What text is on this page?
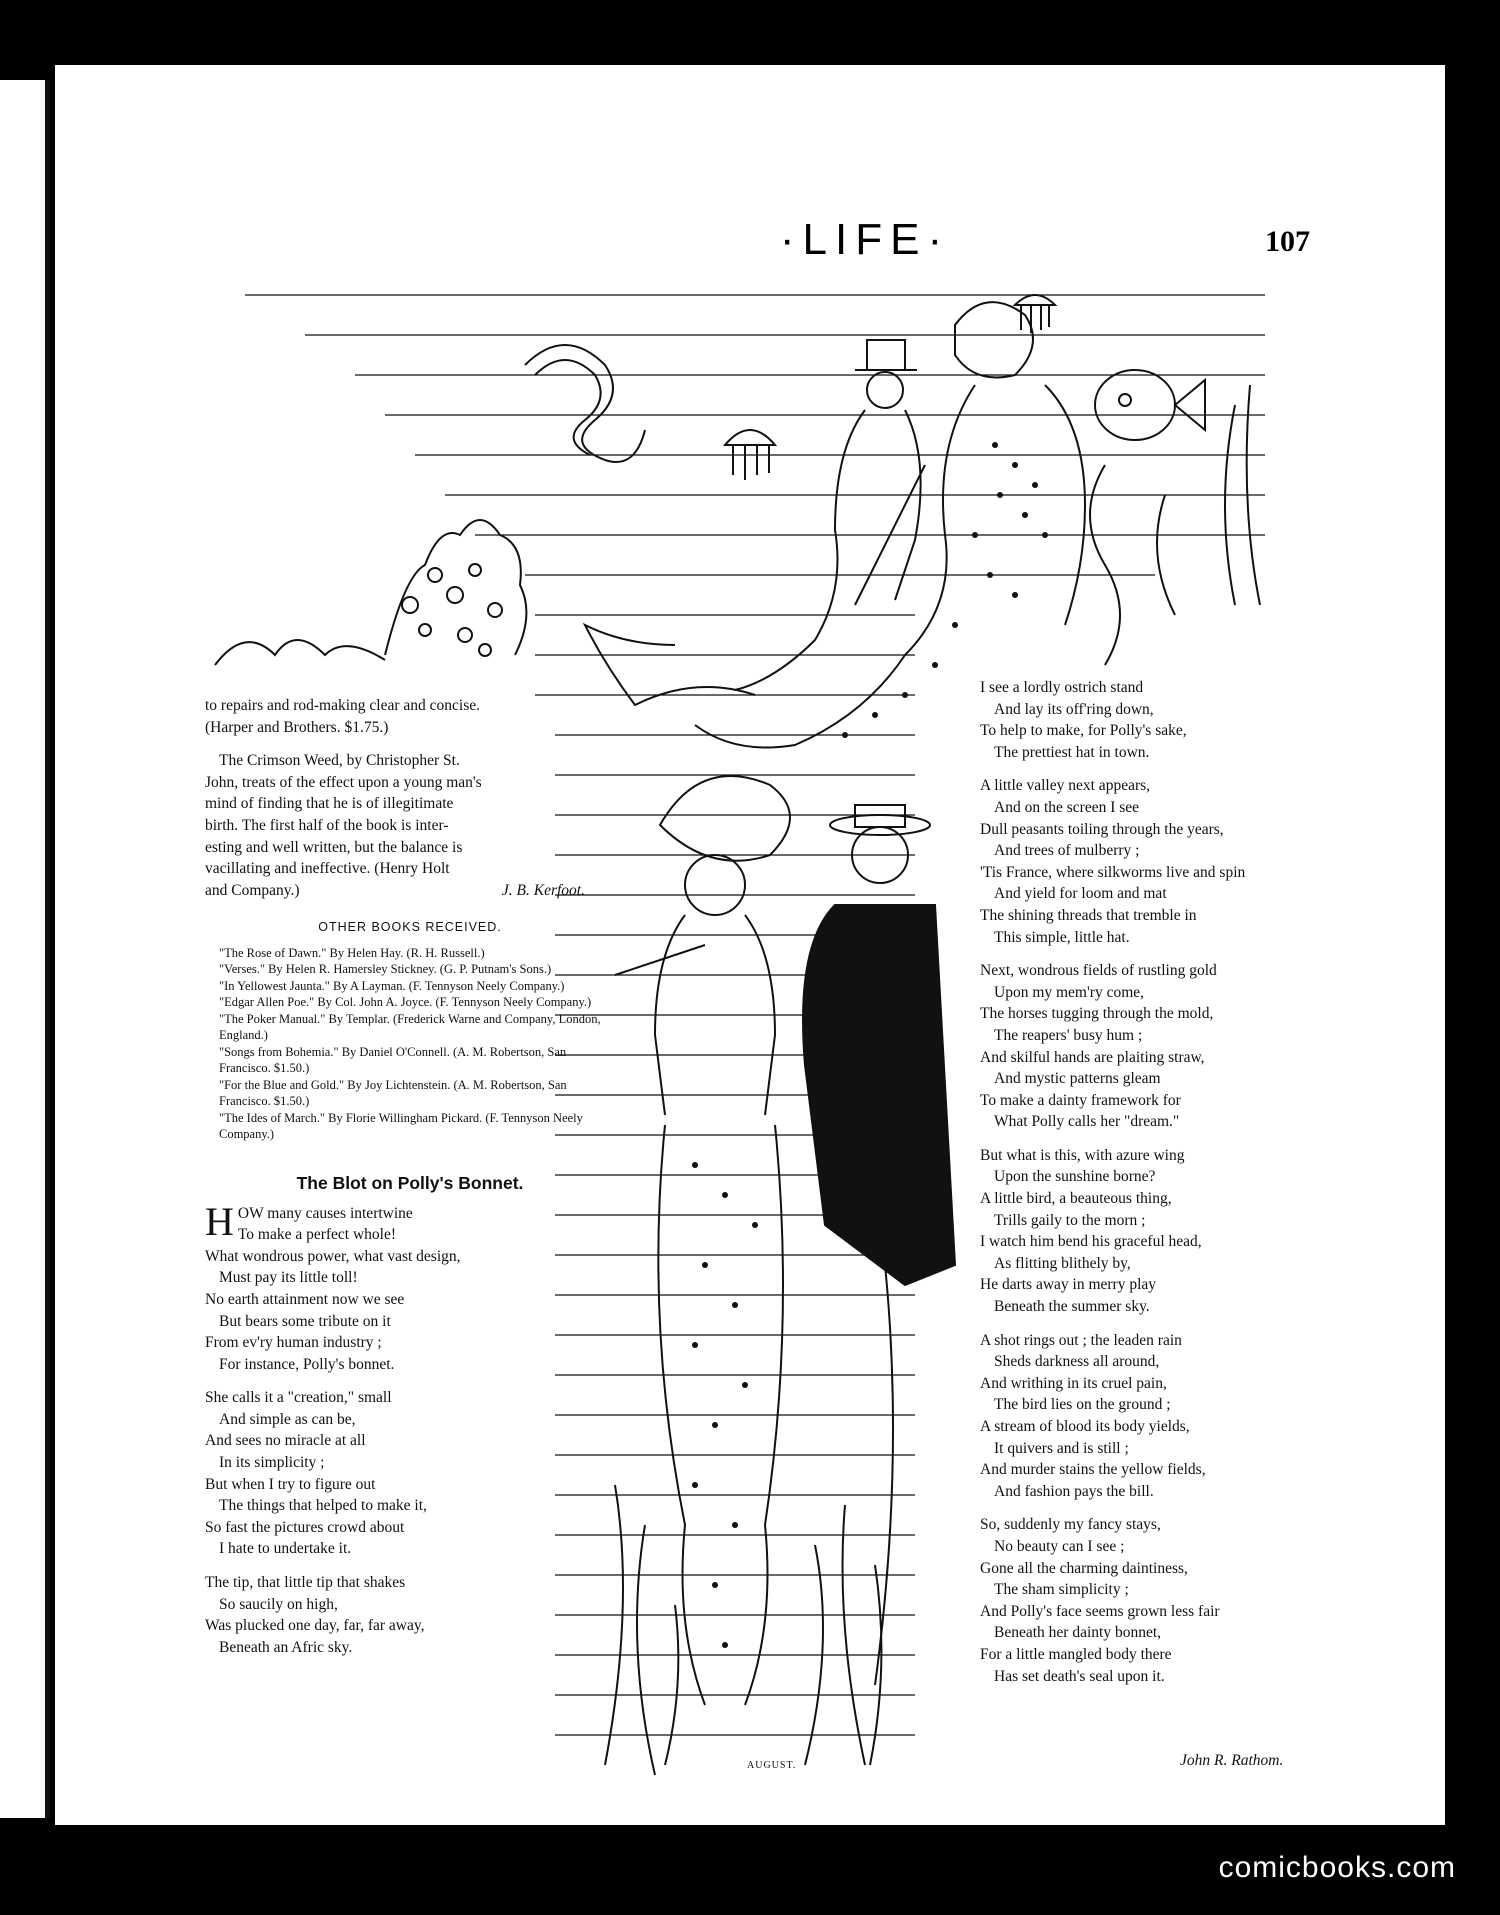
·LIFE·	107

to repairs and rod-making clear and concise.

(Harper and Brothers. $1.75.)

The Crimson Weed, by Christopher St.

John, treats of the effect upon a young man's

mind of finding that he is of illegitimate

birth. The first half of the book is inter-

esting and well written, but the balance is

vacillating and ineffective. (Henry Holt

and Company.)	J. B. Kerfoot.

OTHER BOOKS RECEIVED.

"The Rose of Dawn." By Helen Hay. (R. H. Russell.)

"Verses." By Helen R. Hamersley Stickney. (G. P. Putnam's Sons.)

"In Yellowest Jaunta." By A Layman. (F. Tennyson Neely Company.)

"Edgar Allen Poe." By Col. John A. Joyce. (F. Tennyson Neely Company.)

"The Poker Manual." By Templar. (Frederick Warne and Company, London, England.)

"Songs from Bohemia." By Daniel O'Connell. (A. M. Robertson, San Francisco. $1.50.)

"For the Blue and Gold." By Joy Lichtenstein. (A. M. Robertson, San Francisco. $1.50.)

"The Ides of March." By Florie Willingham Pickard. (F. Tennyson Neely Company.)

The Blot on Polly's Bonnet.
H OW many causes intertwine

To make a perfect whole!

What wondrous power, what vast design,

Must pay its little toll!

No earth attainment now we see

But bears some tribute on it

From ev'ry human industry ;

For instance, Polly's bonnet.

She calls it a "creation," small

And simple as can be,

And sees no miracle at all

In its simplicity ;

But when I try to figure out

The things that helped to make it,

So fast the pictures crowd about

I hate to undertake it.

The tip, that little tip that shakes

So saucily on high,

Was plucked one day, far, far away,

Beneath an Afric sky.

I see a lordly ostrich stand

And lay its off'ring down,

To help to make, for Polly's sake,

The prettiest hat in town.

A little valley next appears,

And on the screen I see

Dull peasants toiling through the years,

And trees of mulberry ;

'Tis France, where silkworms live and spin

And yield for loom and mat

The shining threads that tremble in

This simple, little hat.

Next, wondrous fields of rustling gold

Upon my mem'ry come,

The horses tugging through the mold,

The reapers' busy hum ;

And skilful hands are plaiting straw,

And mystic patterns gleam

To make a dainty framework for

What Polly calls her "dream."

But what is this, with azure wing

Upon the sunshine borne?

A little bird, a beauteous thing,

Trills gaily to the morn ;

I watch him bend his graceful head,

As flitting blithely by,

He darts away in merry play

Beneath the summer sky.

A shot rings out ; the leaden rain

Sheds darkness all around,

And writhing in its cruel pain,

The bird lies on the ground ;

A stream of blood its body yields,

It quivers and is still ;

And murder stains the yellow fields,

And fashion pays the bill.

So, suddenly my fancy stays,

No beauty can I see ;

Gone all the charming daintiness,

The sham simplicity ;

And Polly's face seems grown less fair

Beneath her dainty bonnet,

For a little mangled body there

Has set death's seal upon it.

John R. Rathom.
AUGUST.
comicbooks.com
